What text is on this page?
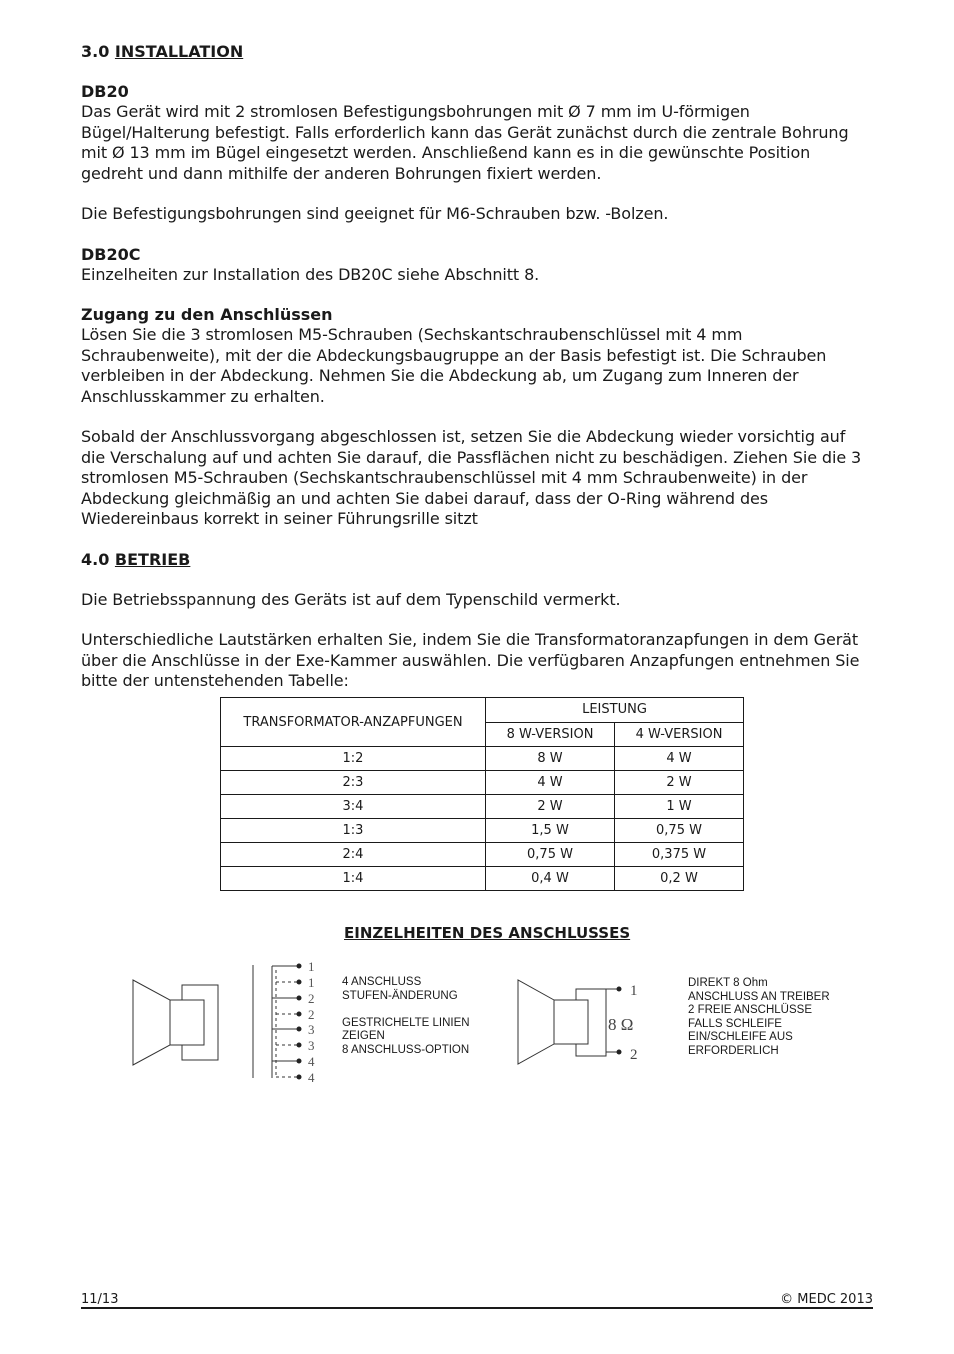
3.0 INSTALLATION

DB20

Das Gerät wird mit 2 stromlosen Befestigungsbohrungen mit Ø 7 mm im U-förmigen Bügel/Halterung befestigt. Falls erforderlich kann das Gerät zunächst durch die zentrale Bohrung mit Ø 13 mm im Bügel eingesetzt werden. Anschließend kann es in die gewünschte Position gedreht und dann mithilfe der anderen Bohrungen fixiert werden.

Die Befestigungsbohrungen sind geeignet für M6-Schrauben bzw. -Bolzen.

DB20C

Einzelheiten zur Installation des DB20C siehe Abschnitt 8.

Zugang zu den Anschlüssen

Lösen Sie die 3 stromlosen M5-Schrauben (Sechskantschraubenschlüssel mit 4 mm Schraubenweite), mit der die Abdeckungsbaugruppe an der Basis befestigt ist. Die Schrauben verbleiben in der Abdeckung. Nehmen Sie die Abdeckung ab, um Zugang zum Inneren der Anschlusskammer zu erhalten.

Sobald der Anschlussvorgang abgeschlossen ist, setzen Sie die Abdeckung wieder vorsichtig auf die Verschalung auf und achten Sie darauf, die Passflächen nicht zu beschädigen. Ziehen Sie die 3 stromlosen M5-Schrauben (Sechskantschraubenschlüssel mit 4 mm Schraubenweite) in der Abdeckung gleichmäßig an und achten Sie dabei darauf, dass der O-Ring während des Wiedereinbaus korrekt in seiner Führungsrille sitzt

4.0 BETRIEB

Die Betriebsspannung des Geräts ist auf dem Typenschild vermerkt.

Unterschiedliche Lautstärken erhalten Sie, indem Sie die Transformatoranzapfungen in dem Gerät über die Anschlüsse in der Exe-Kammer auswählen. Die verfügbaren Anzapfungen entnehmen Sie bitte der untenstehenden Tabelle:

TRANSFORMATOR-ANZAPFUNGEN	LEISTUNG	
	8 W-VERSION	4 W-VERSION
1:2	8 W	4 W
2:3	4 W	2 W
3:4	2 W	1 W
1:3	1,5 W	0,75 W
2:4	0,75 W	0,375 W
1:4	0,4 W	0,2 W
EINZELHEITEN DES ANSCHLUSSES
1
1
2
2
3
3
4
4
4 ANSCHLUSS
STUFEN-ÄNDERUNG
GESTRICHELTE LINIEN
ZEIGEN
8 ANSCHLUSS-OPTION
1
2
8 Ω
DIREKT 8 Ohm
ANSCHLUSS AN TREIBER
2 FREIE ANSCHLÜSSE
FALLS SCHLEIFE
EIN/SCHLEIFE AUS
ERFORDERLICH
11/13	© MEDC 2013
